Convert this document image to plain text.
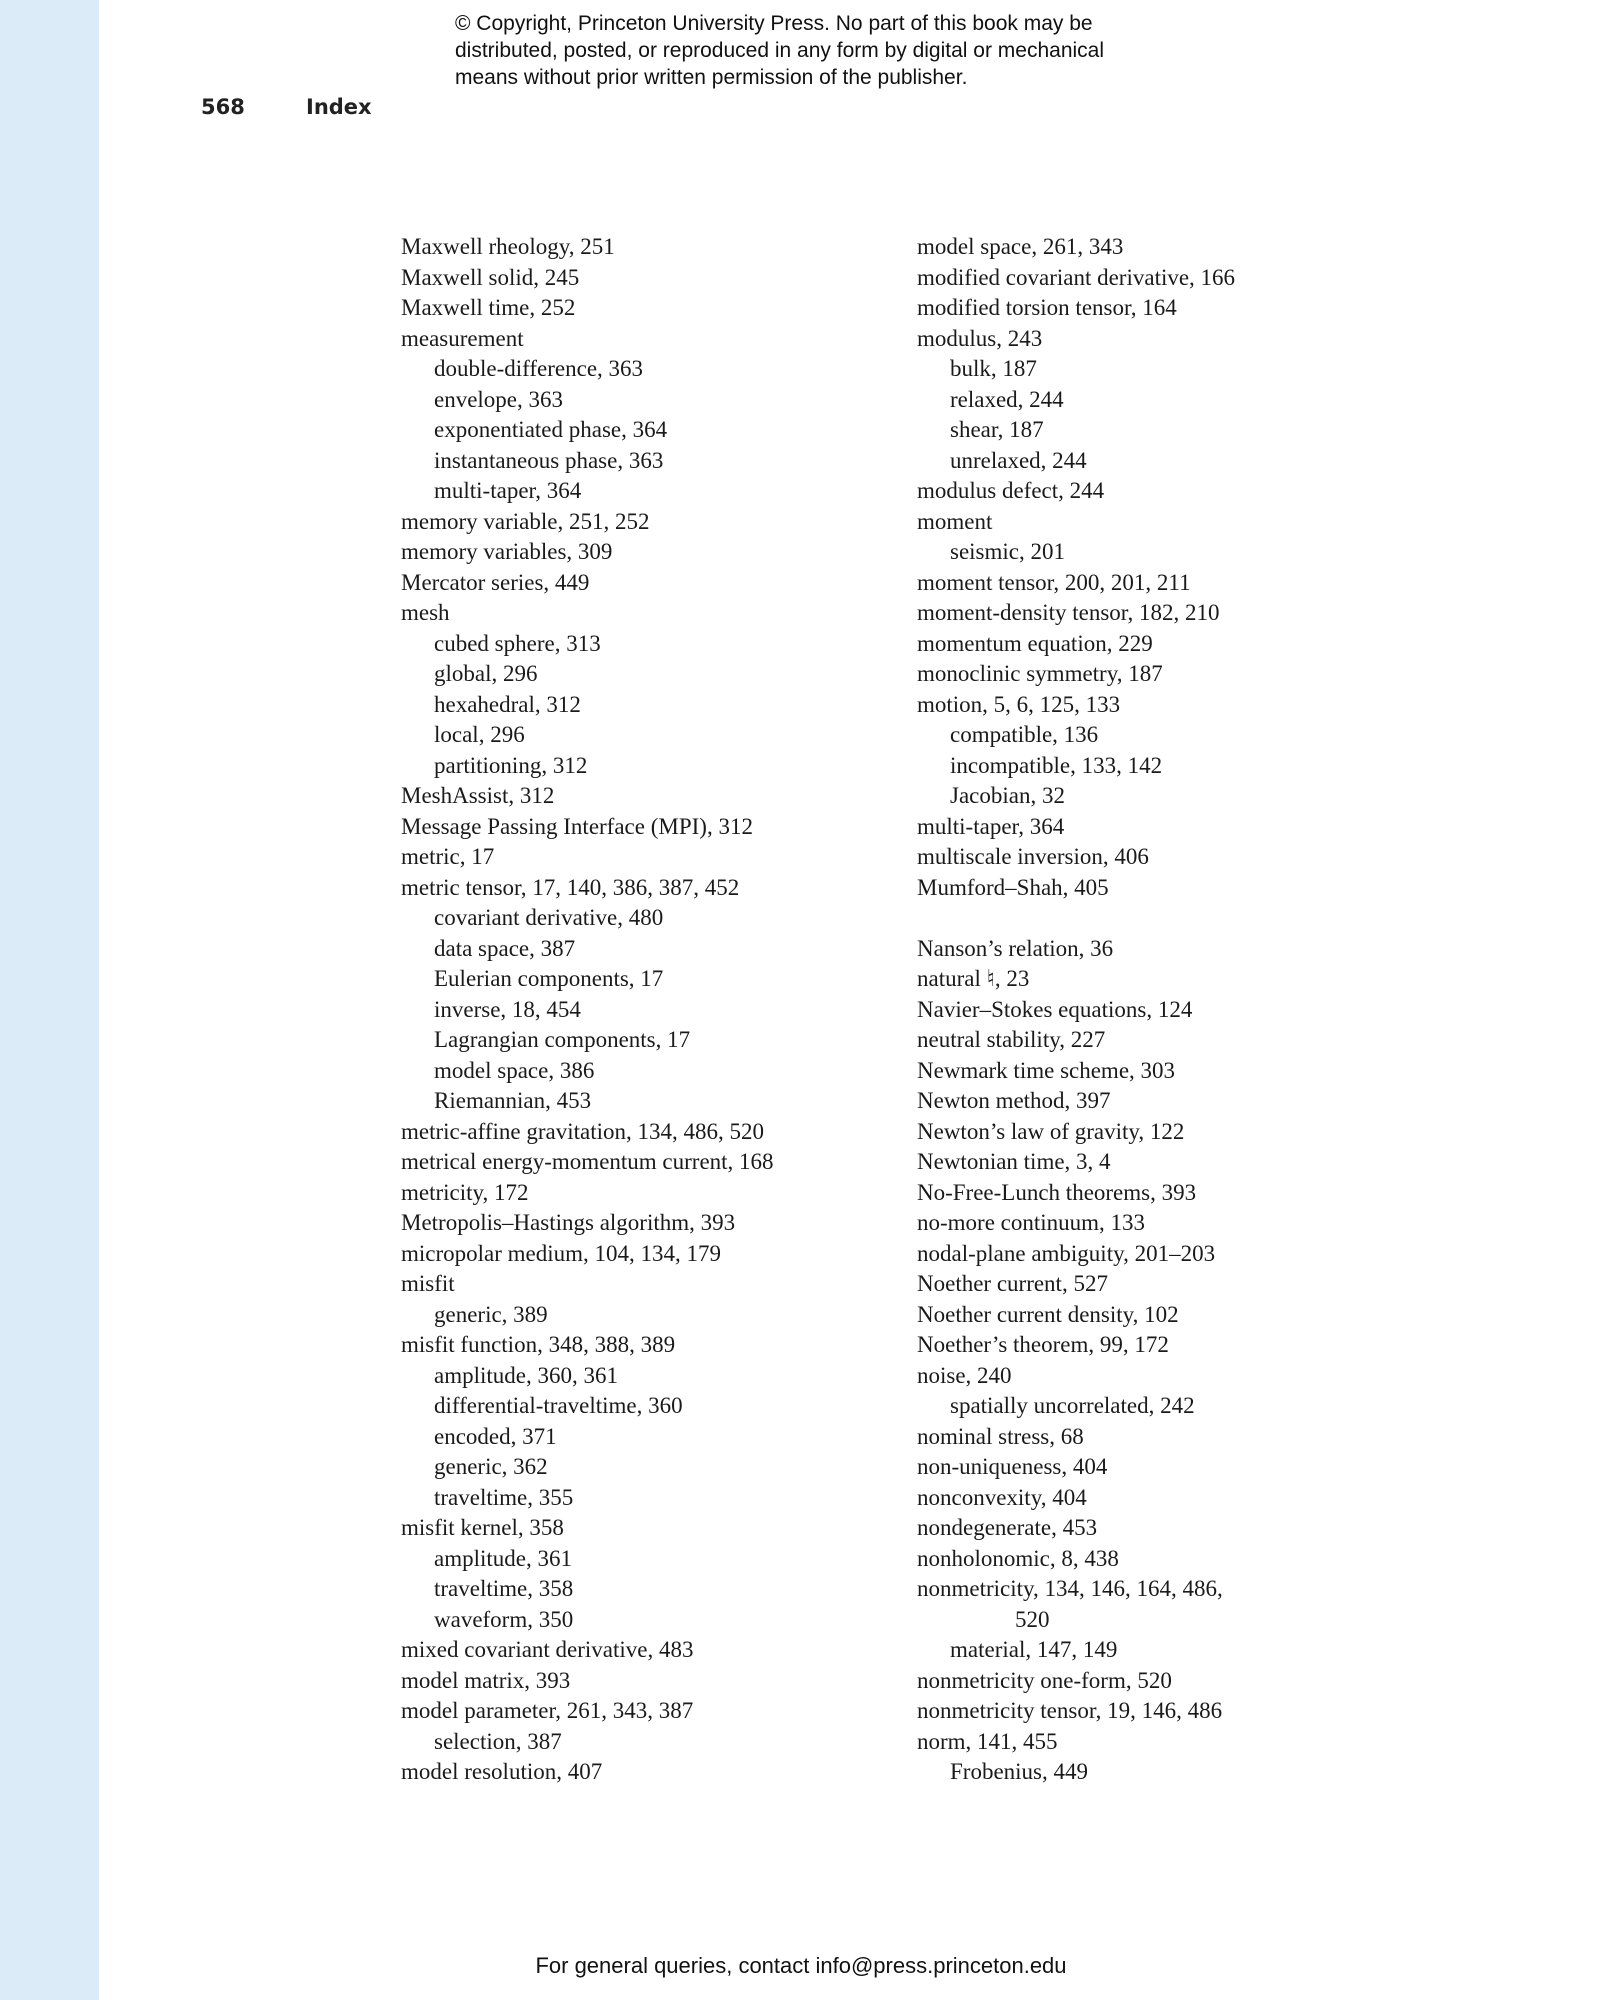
© Copyright, Princeton University Press. No part of this book may be
distributed, posted, or reproduced in any form by digital or mechanical
means without prior written permission of the publisher.
568	Index
Maxwell rheology, 251
Maxwell solid, 245
Maxwell time, 252
measurement
double-difference, 363
envelope, 363
exponentiated phase, 364
instantaneous phase, 363
multi-taper, 364
memory variable, 251, 252
memory variables, 309
Mercator series, 449
mesh
cubed sphere, 313
global, 296
hexahedral, 312
local, 296
partitioning, 312
MeshAssist, 312
Message Passing Interface (MPI), 312
metric, 17
metric tensor, 17, 140, 386, 387, 452
covariant derivative, 480
data space, 387
Eulerian components, 17
inverse, 18, 454
Lagrangian components, 17
model space, 386
Riemannian, 453
metric-affine gravitation, 134, 486, 520
metrical energy-momentum current, 168
metricity, 172
Metropolis–Hastings algorithm, 393
micropolar medium, 104, 134, 179
misfit
generic, 389
misfit function, 348, 388, 389
amplitude, 360, 361
differential-traveltime, 360
encoded, 371
generic, 362
traveltime, 355
misfit kernel, 358
amplitude, 361
traveltime, 358
waveform, 350
mixed covariant derivative, 483
model matrix, 393
model parameter, 261, 343, 387
selection, 387
model resolution, 407
model space, 261, 343
modified covariant derivative, 166
modified torsion tensor, 164
modulus, 243
bulk, 187
relaxed, 244
shear, 187
unrelaxed, 244
modulus defect, 244
moment
seismic, 201
moment tensor, 200, 201, 211
moment-density tensor, 182, 210
momentum equation, 229
monoclinic symmetry, 187
motion, 5, 6, 125, 133
compatible, 136
incompatible, 133, 142
Jacobian, 32
multi-taper, 364
multiscale inversion, 406
Mumford–Shah, 405
Nanson’s relation, 36
natural ♮, 23
Navier–Stokes equations, 124
neutral stability, 227
Newmark time scheme, 303
Newton method, 397
Newton’s law of gravity, 122
Newtonian time, 3, 4
No-Free-Lunch theorems, 393
no-more continuum, 133
nodal-plane ambiguity, 201–203
Noether current, 527
Noether current density, 102
Noether’s theorem, 99, 172
noise, 240
spatially uncorrelated, 242
nominal stress, 68
non-uniqueness, 404
nonconvexity, 404
nondegenerate, 453
nonholonomic, 8, 438
nonmetricity, 134, 146, 164, 486,
520
material, 147, 149
nonmetricity one-form, 520
nonmetricity tensor, 19, 146, 486
norm, 141, 455
Frobenius, 449
For general queries, contact info@press.princeton.edu
